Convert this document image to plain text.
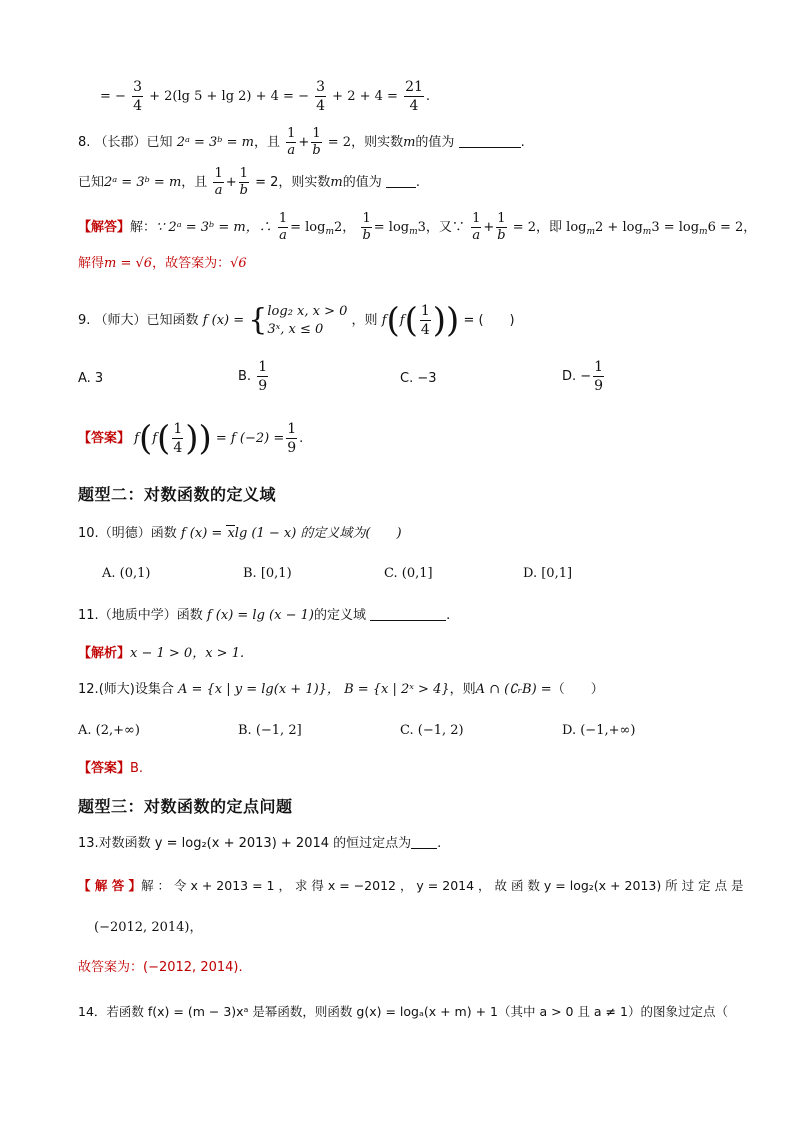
= − $\frac{3}{4} + 2(\lg$ 5 + lg 2) + 4 = − $\frac{3}{4} + 2 + 4 = \frac{21}{4}$ .
8. （长郡）已知 2ᵃ = 3ᵇ = m，且 $\frac{1}{a} + \frac{1}{b} = 2$，则实数m的值为	.
已知2ᵃ = 3ᵇ = m，且 $\frac{1}{a} + \frac{1}{b} = 2$，则实数m的值为	.
【解答】解：∵ 2ᵃ = 3ᵇ = m，∴ $\frac{1}{a} = \log_m2$， $\frac{1}{b} = \log_m3$，又∵ $\frac{1}{a} + \frac{1}{b} = 2$，即 $\log_m2 + \log_m3 = \log_m6 = 2$，
解得m = √6，故答案为：√6
9. （师大）已知函数 f (x) = { log₂ x, x > 0
3ˣ, x ≤ 0
，则 $f(f( \frac{1}{4}$ )) = (　　)
A. 3	B. $\frac{1}{9}$	C. −3	D. − $\frac{1}{9}$
【答案】 $f(f( \frac{1}{4}$ )) = f $(-2) = \frac{1}{9}$ .
题型二：对数函数的定义域
10.（明德）函数 f (x) = xlg (1 − x) 的定义域为(　　)
A. (0,1)	B. [0,1)	C. (0,1]	D. [0,1]
11.（地质中学）函数 f (x) = lg (x − 1)的定义域	.
【解析】x − 1 > 0，x > 1.
12.(师大)设集合 A = {x | y = lg(x + 1)}， B = {x | 2ˣ > 4}，则A ∩ (∁ᵣB) =（　　）
A. (2,+∞)	B. (−1, 2]	C. (−1, 2)	D. (−1,+∞)
【答案】B.
题型三：对数函数的定点问题
13.对数函数 y = log₂(x + 2013) + 2014 的恒过定点为 .
【 解 答 】解 ： 令 x + 2013 = 1 ， 求 得 x = −2012 ， y = 2014 ， 故 函 数 y = log₂(x + 2013) 所 过 定 点 是
(−2012, 2014)，
故答案为：(−2012, 2014).
14．若函数 f(x) = (m − 3)xᵃ 是幂函数，则函数 g(x) = logₐ(x + m) + 1（其中 a > 0 且 a ≠ 1）的图象过定点（
